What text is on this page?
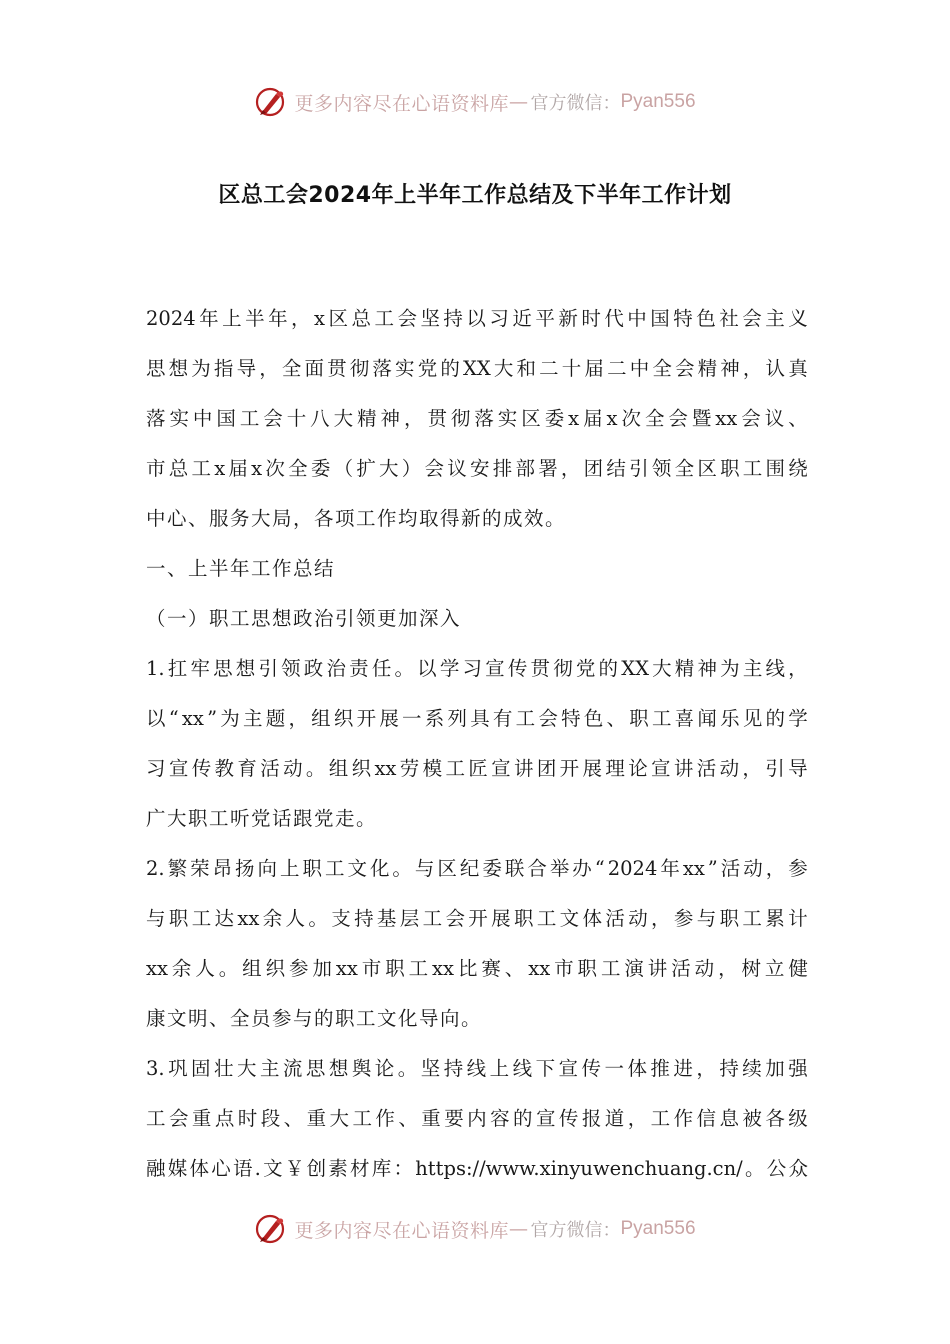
更多内容尽在心语资料库 — 官方微信： Pyan556
区总工会2024年上半年工作总结及下半年工作计划
2024 年 上 半 年 ， x 区 总 工 会 坚 持 以 习 近 平 新 时 代 中 国 特 色 社 会 主 义
思 想 为 指 导 ， 全 面 贯 彻 落 实 党 的 XX 大 和 二 十 届 二 中 全 会 精 神 ， 认 真
落 实 中 国 工 会 十 八 大 精 神 ， 贯 彻 落 实 区 委 x 届 x 次 全 会 暨 xx 会 议 、
市 总 工 x 届 x 次 全 委 （ 扩 大 ） 会 议 安 排 部 署 ， 团 结 引 领 全 区 职 工 围 绕
中心、服务大局，各项工作均取得新的成效。
一、上半年工作总结
（一）职工思想政治引领更加深入
1. 扛 牢 思 想 引 领 政 治 责 任 。 以 学 习 宣 传 贯 彻 党 的 XX 大 精 神 为 主 线 ，
以 “ xx ” 为 主 题 ， 组 织 开 展 一 系 列 具 有 工 会 特 色 、 职 工 喜 闻 乐 见 的 学
习 宣 传 教 育 活 动 。 组 织 xx 劳 模 工 匠 宣 讲 团 开 展 理 论 宣 讲 活 动 ， 引 导
广大职工听党话跟党走。
2. 繁 荣 昂 扬 向 上 职 工 文 化 。 与 区 纪 委 联 合 举 办 “ 2024 年 xx ” 活 动 ， 参
与 职 工 达 xx 余 人 。 支 持 基 层 工 会 开 展 职 工 文 体 活 动 ， 参 与 职 工 累 计
xx 余 人 。 组 织 参 加 xx 市 职 工 xx 比 赛 、 xx 市 职 工 演 讲 活 动 ， 树 立 健
康文明、全员参与的职工文化导向。
3. 巩 固 壮 大 主 流 思 想 舆 论 。 坚 持 线 上 线 下 宣 传 一 体 推 进 ， 持 续 加 强
工 会 重 点 时 段 、 重 大 工 作 、 重 要 内 容 的 宣 传 报 道 ， 工 作 信 息 被 各 级
融 媒 体 心 语 . 文 ￥ 创 素 材 库 ： https://www.xinyuwenchuang.cn/ 。 公 众
更多内容尽在心语资料库 — 官方微信： Pyan556
